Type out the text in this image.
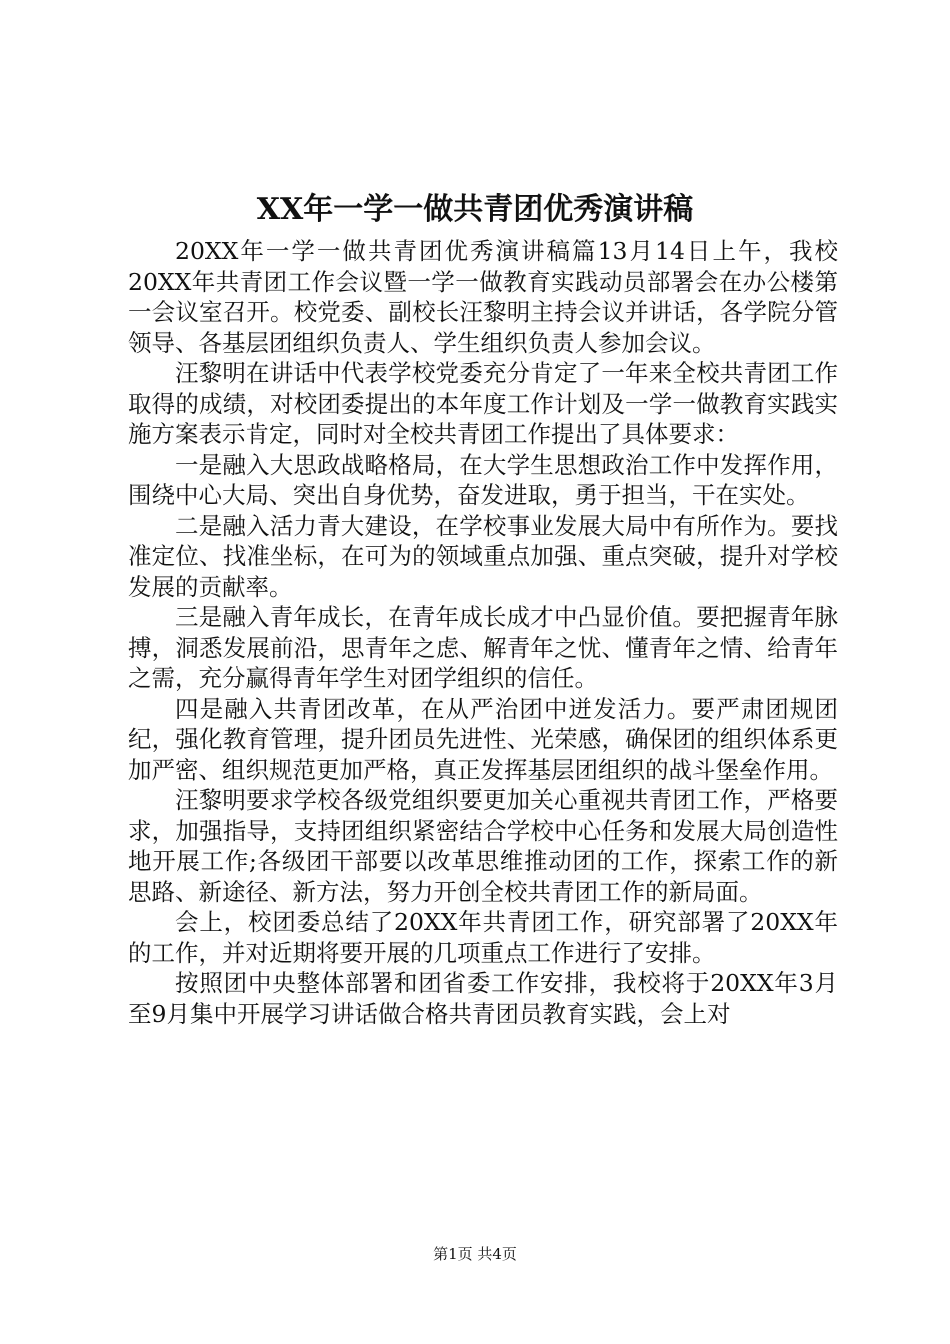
XX年一学一做共青团优秀演讲稿

20XX年一学一做共青团优秀演讲稿篇13月14日上午，我校20XX年共青团工作会议暨一学一做教育实践动员部署会在办公楼第一会议室召开。校党委、副校长汪黎明主持会议并讲话，各学院分管领导、各基层团组织负责人、学生组织负责人参加会议。

汪黎明在讲话中代表学校党委充分肯定了一年来全校共青团工作取得的成绩，对校团委提出的本年度工作计划及一学一做教育实践实施方案表示肯定，同时对全校共青团工作提出了具体要求：

一是融入大思政战略格局，在大学生思想政治工作中发挥作用，围绕中心大局、突出自身优势，奋发进取，勇于担当，干在实处。

二是融入活力青大建设，在学校事业发展大局中有所作为。要找准定位、找准坐标，在可为的领域重点加强、重点突破，提升对学校发展的贡献率。

三是融入青年成长，在青年成长成才中凸显价值。要把握青年脉搏，洞悉发展前沿，思青年之虑、解青年之忧、懂青年之情、给青年之需，充分赢得青年学生对团学组织的信任。

四是融入共青团改革，在从严治团中迸发活力。要严肃团规团纪，强化教育管理，提升团员先进性、光荣感，确保团的组织体系更加严密、组织规范更加严格，真正发挥基层团组织的战斗堡垒作用。

汪黎明要求学校各级党组织要更加关心重视共青团工作，严格要求，加强指导，支持团组织紧密结合学校中心任务和发展大局创造性地开展工作;各级团干部要以改革思维推动团的工作，探索工作的新思路、新途径、新方法，努力开创全校共青团工作的新局面。

会上，校团委总结了20XX年共青团工作，研究部署了20XX年的工作，并对近期将要开展的几项重点工作进行了安排。

按照团中央整体部署和团省委工作安排，我校将于20XX年3月至9月集中开展学习讲话做合格共青团员教育实践，会上对

第1页 共4页
